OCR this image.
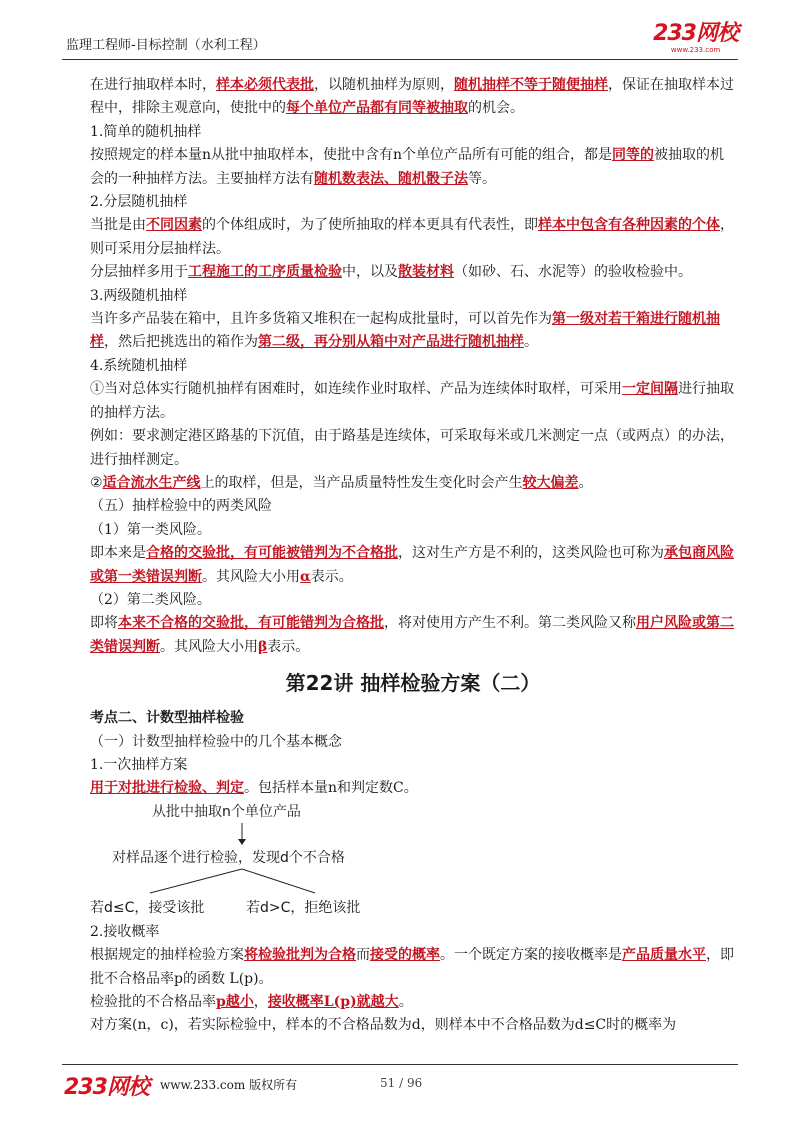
监理工程师-目标控制（水利工程）	233网校
www.233.com

在进行抽取样本时，样本必须代表批，以随机抽样为原则，随机抽样不等于随便抽样，保证在抽取样本过程中，排除主观意向，使批中的每个单位产品都有同等被抽取的机会。

1.简单的随机抽样

按照规定的样本量n从批中抽取样本，使批中含有n个单位产品所有可能的组合，都是同等的被抽取的机会的一种抽样方法。主要抽样方法有随机数表法、随机骰子法等。

2.分层随机抽样

当批是由不同因素的个体组成时，为了使所抽取的样本更具有代表性，即样本中包含有各种因素的个体，则可采用分层抽样法。

分层抽样多用于工程施工的工序质量检验中，以及散装材料（如砂、石、水泥等）的验收检验中。

3.两级随机抽样

当许多产品装在箱中，且许多货箱又堆积在一起构成批量时，可以首先作为第一级对若干箱进行随机抽样，然后把挑选出的箱作为第二级，再分别从箱中对产品进行随机抽样。

4.系统随机抽样

①当对总体实行随机抽样有困难时，如连续作业时取样、产品为连续体时取样，可采用一定间隔进行抽取的抽样方法。

例如：要求测定港区路基的下沉值，由于路基是连续体，可采取每米或几米测定一点（或两点）的办法，进行抽样测定。

②适合流水生产线上的取样，但是，当产品质量特性发生变化时会产生较大偏差。

（五）抽样检验中的两类风险

（1）第一类风险。

即本来是合格的交验批，有可能被错判为不合格批，这对生产方是不利的，这类风险也可称为承包商风险或第一类错误判断。其风险大小用α表示。

（2）第二类风险。

即将本来不合格的交验批，有可能错判为合格批，将对使用方产生不利。第二类风险又称用户风险或第二类错误判断。其风险大小用β表示。

第22讲 抽样检验方案（二）

考点二、计数型抽样检验

（一）计数型抽样检验中的几个基本概念

1.一次抽样方案

用于对批进行检验、判定。包括样本量n和判定数C。

从批中抽取n个单位产品
对样品逐个进行检验，发现d个不合格
若d≤C，接受该批	若d>C，拒绝该批

2.接收概率

根据规定的抽样检验方案将检验批判为合格而接受的概率。一个既定方案的接收概率是产品质量水平，即批不合格品率p的函数 L(p)。

检验批的不合格品率p越小，接收概率L(p)就越大。

对方案(n，c)，若实际检验中，样本的不合格品数为d，则样本中不合格品数为d≤C时的概率为

233网校 www.233.com 版权所有	51 / 96
